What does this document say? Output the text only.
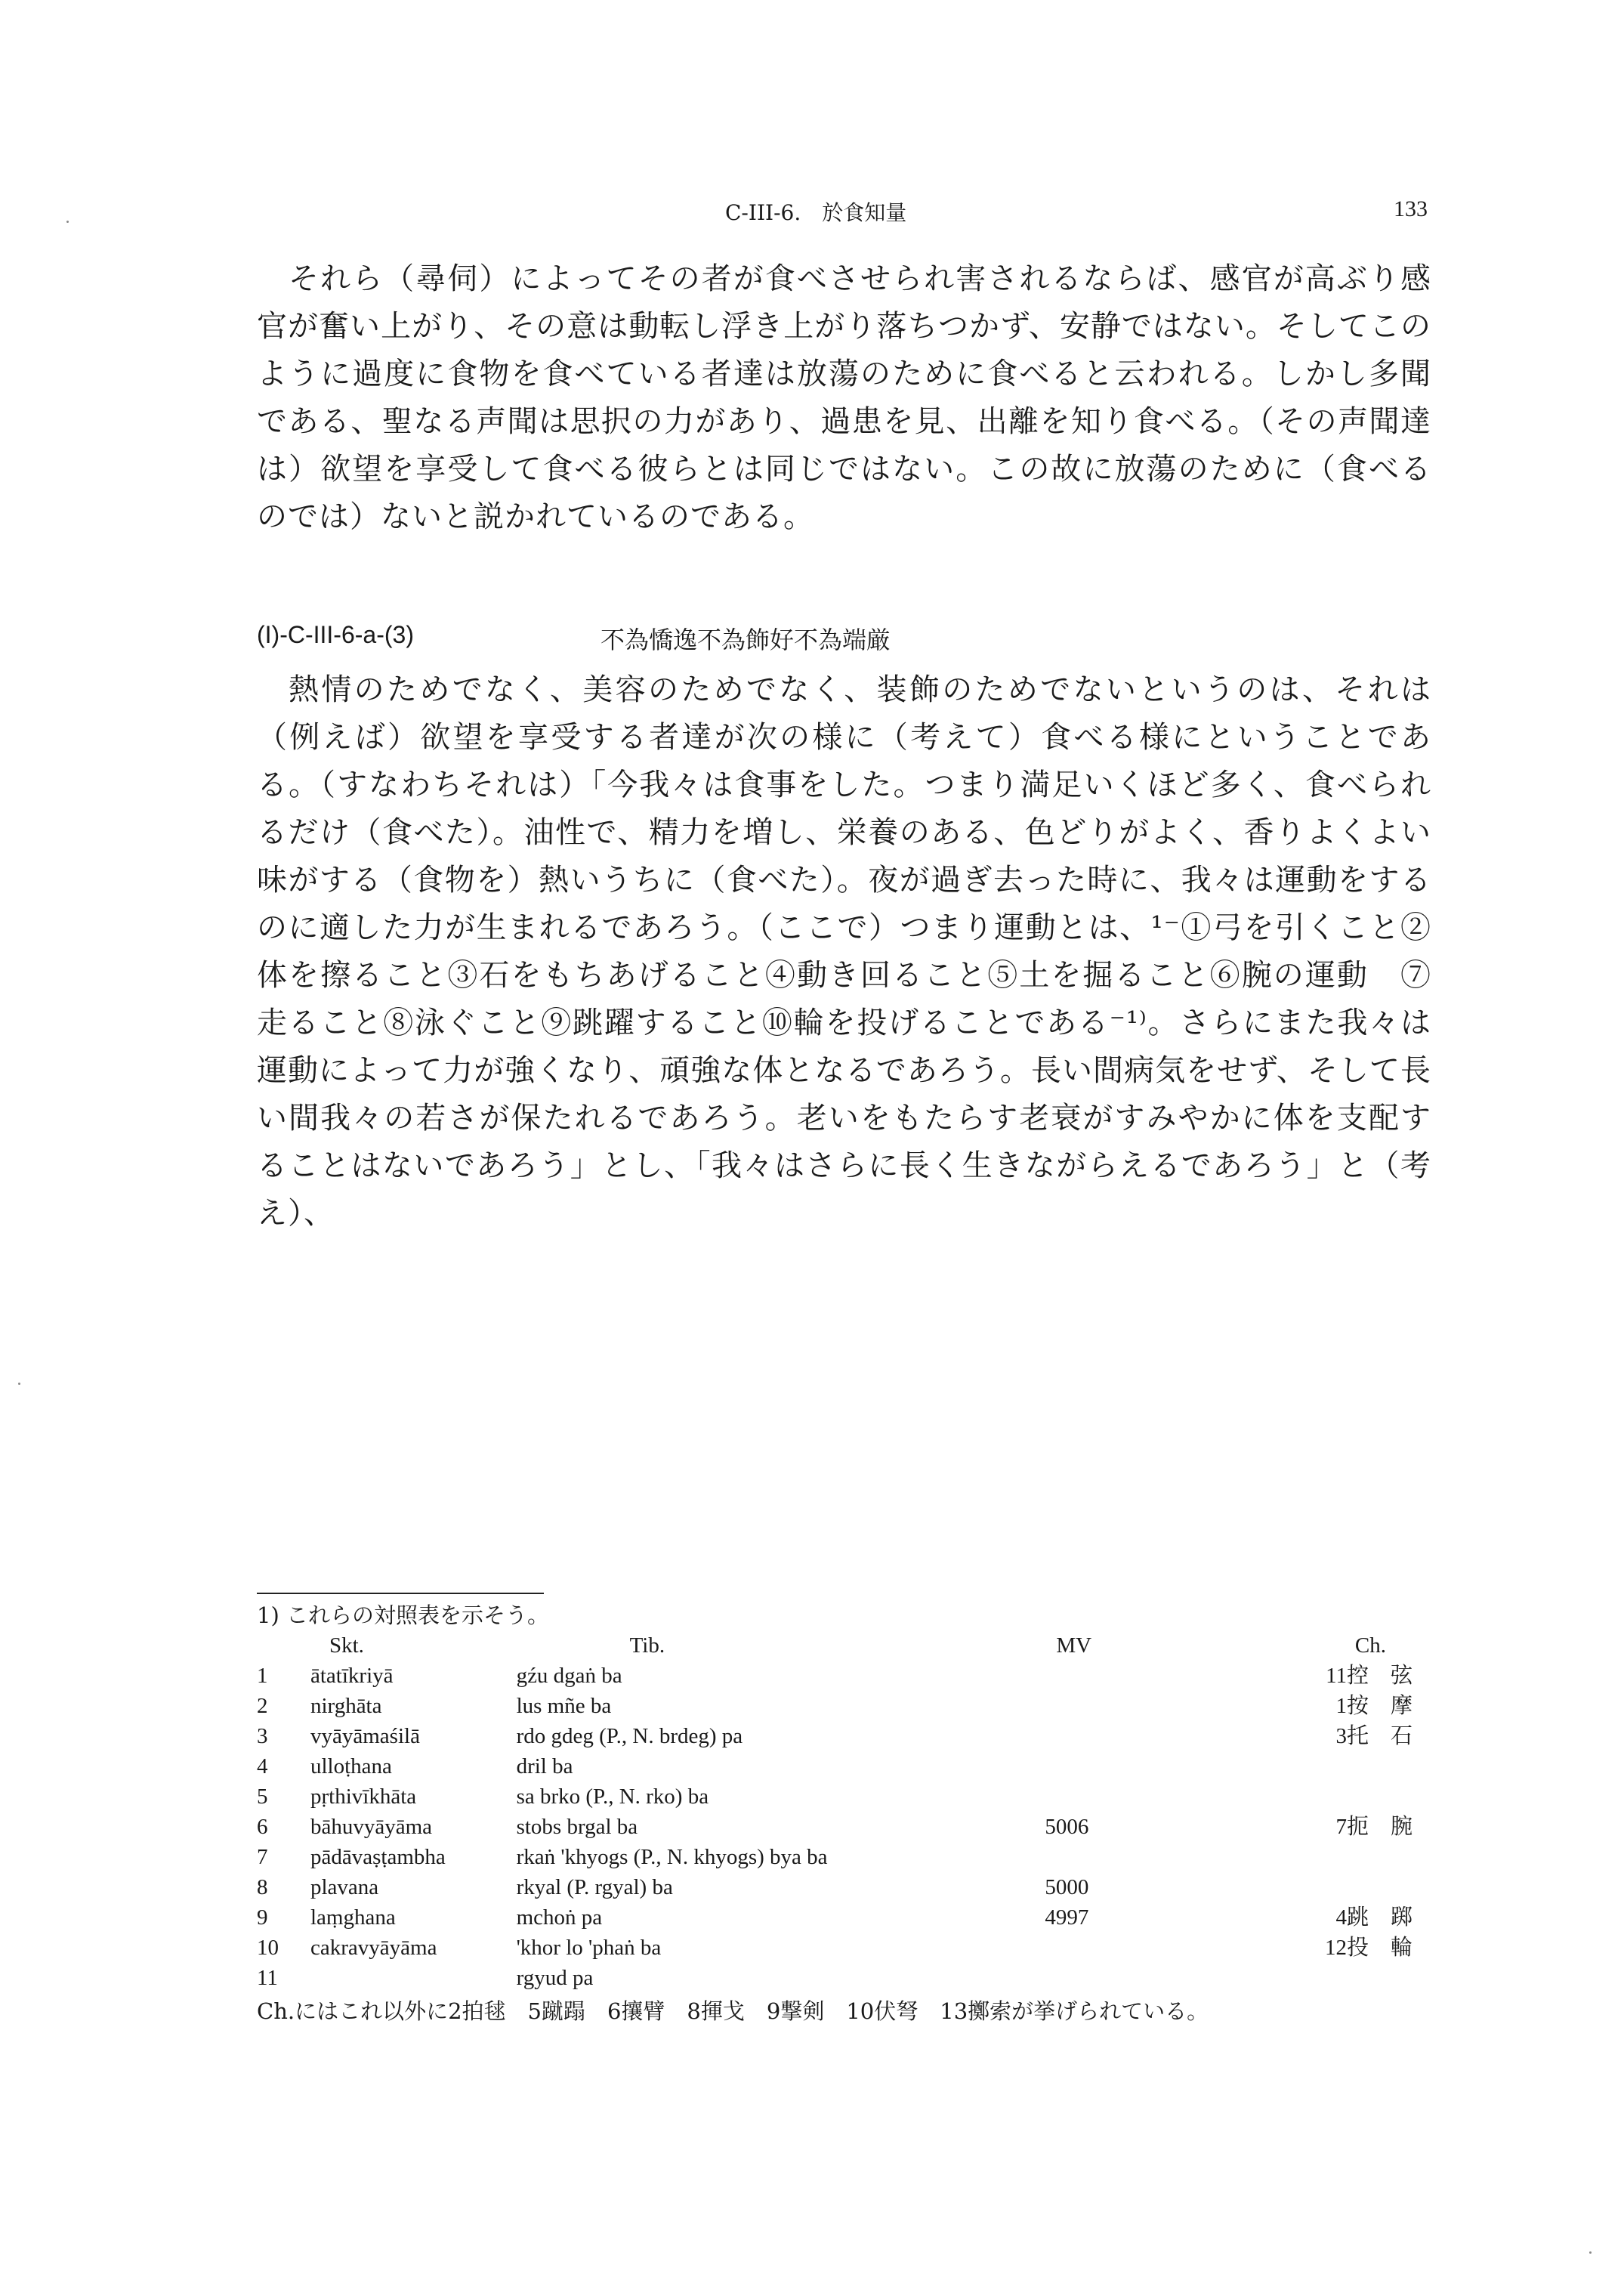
C-III-6.　於食知量	133

それら（尋伺）によってその者が食べさせられ害されるならば、感官が高ぶり感官が奮い上がり、その意は動転し浮き上がり落ちつかず、安静ではない。そしてこのように過度に食物を食べている者達は放蕩のために食べると云われる。しかし多聞である、聖なる声聞は思択の力があり、過患を見、出離を知り食べる。（その声聞達は）欲望を享受して食べる彼らとは同じではない。この故に放蕩のために（食べるのでは）ないと説かれているのである。

(I)-C-III-6-a-(3)	不為憍逸不為飾好不為端厳

熱情のためでなく、美容のためでなく、装飾のためでないというのは、それは（例えば）欲望を享受する者達が次の様に（考えて）食べる様にということである。（すなわちそれは）「今我々は食事をした。つまり満足いくほど多く、食べられるだけ（食べた）。油性で、精力を増し、栄養のある、色どりがよく、香りよくよい味がする（食物を）熱いうちに（食べた）。夜が過ぎ去った時に、我々は運動をするのに適した力が生まれるであろう。（ここで）つまり運動とは、¹⁻①弓を引くこと②体を擦ること③石をもちあげること④動き回ること⑤土を掘ること⑥腕の運動　⑦走ること⑧泳ぐこと⑨跳躍すること⑩輪を投げることである⁻¹⁾。さらにまた我々は運動によって力が強くなり、頑強な体となるであろう。長い間病気をせず、そして長い間我々の若さが保たれるであろう。老いをもたらす老衰がすみやかに体を支配することはないであろう」とし、「我々はさらに長く生きながらえるであろう」と（考え）、

1) これらの対照表を示そう。

	Skt.	Tib.	MV	Ch.
1	ātatīkriyā	gźu dgaṅ ba		11控　弦
2	nirghāta	lus mñe ba		1按　摩
3	vyāyāmaśilā	rdo gdeg (P., N. brdeg) pa		3托　石
4	ulloṭhana	dril ba		
5	pṛthivīkhāta	sa brko (P., N. rko) ba		
6	bāhuvyāyāma	stobs brgal ba	5006	7扼　腕
7	pādāvaṣṭambha	rkaṅ 'khyogs (P., N. khyogs) bya ba		
8	plavana	rkyal (P. rgyal) ba	5000	
9	laṃghana	mchoṅ pa	4997	4跳　踯
10	cakravyāyāma	'khor lo 'phaṅ ba		12投　輪
11		rgyud pa		

Ch.にはこれ以外に2拍毬　5蹴蹋　6攘臂　8揮戈　9撃剣　10伏弩　13擲索が挙げられている。
